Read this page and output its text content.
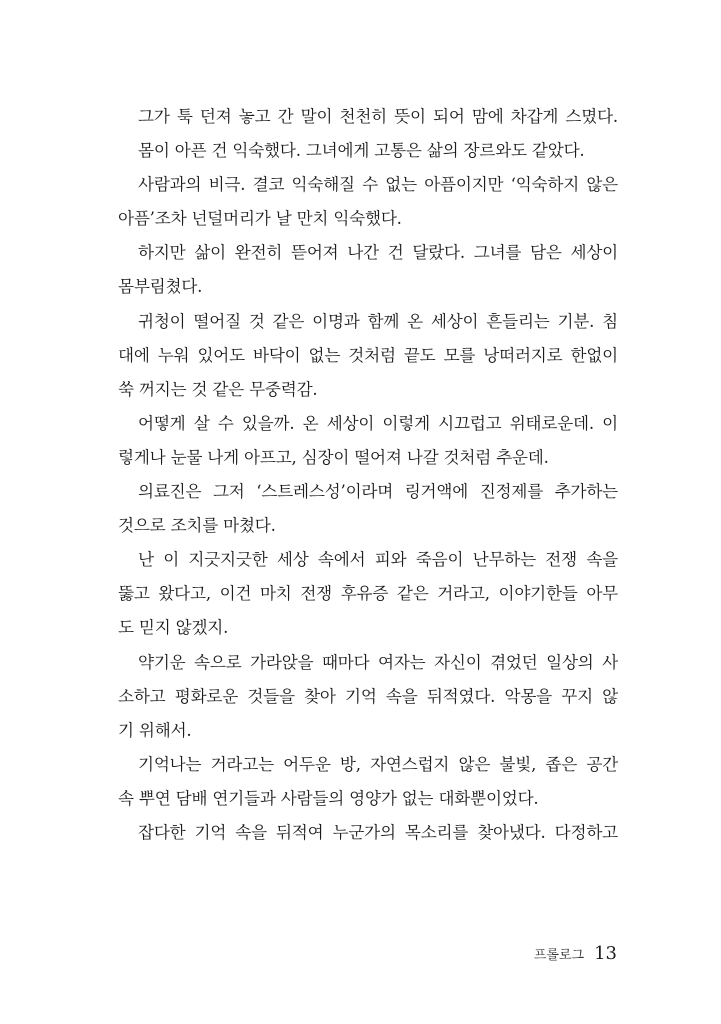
그가 툭 던져 놓고 간 말이 천천히 뜻이 되어 맘에 차갑게 스몄다.
몸이 아픈 건 익숙했다. 그녀에게 고통은 삶의 장르와도 같았다.
사람과의 비극. 결코 익숙해질 수 없는 아픔이지만 ‘익숙하지 않은
아픔’조차 넌덜머리가 날 만치 익숙했다.
하지만 삶이 완전히 뜯어져 나간 건 달랐다. 그녀를 담은 세상이
몸부림쳤다.
귀청이 떨어질 것 같은 이명과 함께 온 세상이 흔들리는 기분. 침
대에 누워 있어도 바닥이 없는 것처럼 끝도 모를 낭떠러지로 한없이
쑥 꺼지는 것 같은 무중력감.
어떻게 살 수 있을까. 온 세상이 이렇게 시끄럽고 위태로운데. 이
렇게나 눈물 나게 아프고, 심장이 떨어져 나갈 것처럼 추운데.
의료진은 그저 ‘스트레스성’이라며 링거액에 진정제를 추가하는
것으로 조치를 마쳤다.
난 이 지긋지긋한 세상 속에서 피와 죽음이 난무하는 전쟁 속을
뚫고 왔다고, 이건 마치 전쟁 후유증 같은 거라고, 이야기한들 아무
도 믿지 않겠지.
약기운 속으로 가라앉을 때마다 여자는 자신이 겪었던 일상의 사
소하고 평화로운 것들을 찾아 기억 속을 뒤적였다. 악몽을 꾸지 않
기 위해서.
기억나는 거라고는 어두운 방, 자연스럽지 않은 불빛, 좁은 공간
속 뿌연 담배 연기들과 사람들의 영양가 없는 대화뿐이었다.
잡다한 기억 속을 뒤적여 누군가의 목소리를 찾아냈다. 다정하고
프롤로그 13
